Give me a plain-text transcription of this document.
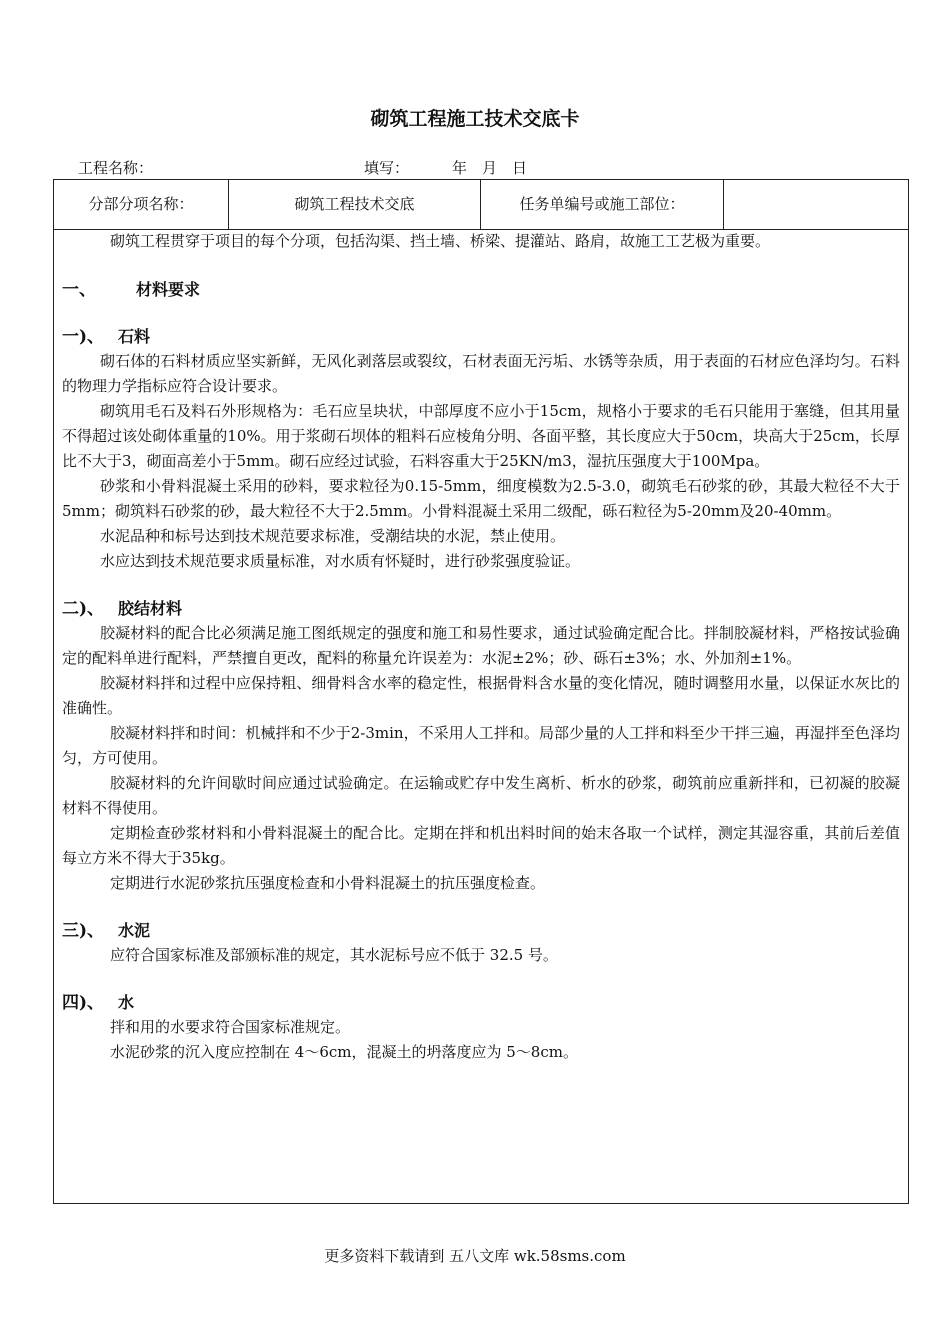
砌筑工程施工技术交底卡
工程名称：	填写：	年　月　日
分部分项名称：	砌筑工程技术交底	任务单编号或施工部位：

砌筑工程贯穿于项目的每个分项，包括沟渠、挡土墙、桥梁、提灌站、路肩，故施工工艺极为重要。

一、	材料要求

一)、 石料

砌石体的石料材质应坚实新鲜，无风化剥落层或裂纹，石材表面无污垢、水锈等杂质，用于表面的石材应色泽均匀。石料的物理力学指标应符合设计要求。

砌筑用毛石及料石外形规格为：毛石应呈块状，中部厚度不应小于15cm，规格小于要求的毛石只能用于塞缝，但其用量不得超过该处砌体重量的10%。用于浆砌石坝体的粗料石应棱角分明、各面平整，其长度应大于50cm，块高大于25cm，长厚比不大于3，砌面高差小于5mm。砌石应经过试验，石料容重大于25KN/m3，湿抗压强度大于100Mpa。

砂浆和小骨料混凝土采用的砂料，要求粒径为0.15-5mm，细度模数为2.5-3.0，砌筑毛石砂浆的砂，其最大粒径不大于5mm；砌筑料石砂浆的砂，最大粒径不大于2.5mm。小骨料混凝土采用二级配，砾石粒径为5-20mm及20-40mm。

水泥品种和标号达到技术规范要求标准，受潮结块的水泥，禁止使用。

水应达到技术规范要求质量标准，对水质有怀疑时，进行砂浆强度验证。

二)、 胶结材料

胶凝材料的配合比必须满足施工图纸规定的强度和施工和易性要求，通过试验确定配合比。拌制胶凝材料，严格按试验确定的配料单进行配料，严禁擅自更改，配料的称量允许误差为：水泥±2%；砂、砾石±3%；水、外加剂±1%。

胶凝材料拌和过程中应保持粗、细骨料含水率的稳定性，根据骨料含水量的变化情况，随时调整用水量，以保证水灰比的准确性。

胶凝材料拌和时间：机械拌和不少于2-3min，不采用人工拌和。局部少量的人工拌和料至少干拌三遍，再湿拌至色泽均匀，方可使用。

胶凝材料的允许间歇时间应通过试验确定。在运输或贮存中发生离析、析水的砂浆，砌筑前应重新拌和，已初凝的胶凝材料不得使用。

定期检查砂浆材料和小骨料混凝土的配合比。定期在拌和机出料时间的始末各取一个试样，测定其湿容重，其前后差值每立方米不得大于35kg。

定期进行水泥砂浆抗压强度检查和小骨料混凝土的抗压强度检查。

三)、 水泥

应符合国家标准及部颁标准的规定，其水泥标号应不低于 32.5 号。

四)、 水

拌和用的水要求符合国家标准规定。

水泥砂浆的沉入度应控制在 4～6cm，混凝土的坍落度应为 5～8cm。

更多资料下载请到 五八文库 wk.58sms.com
